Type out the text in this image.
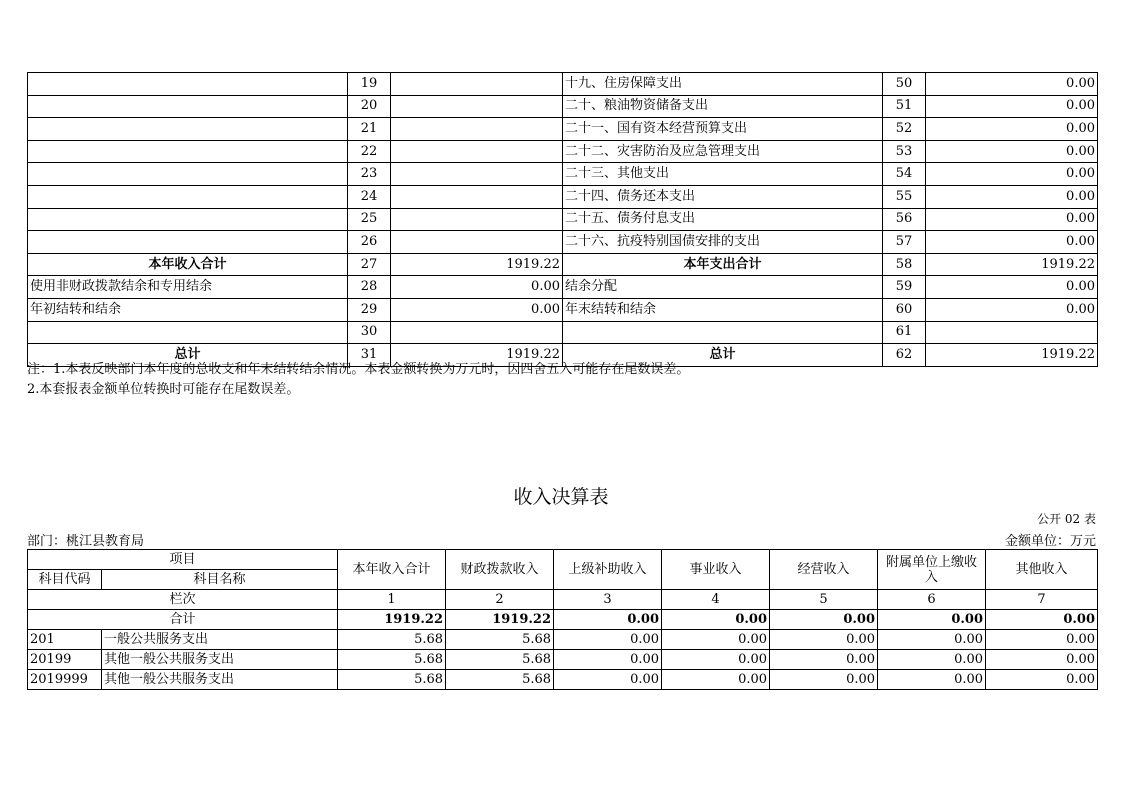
	19		十九、住房保障支出	50	0.00
	20		二十、粮油物资储备支出	51	0.00
	21		二十一、国有资本经营预算支出	52	0.00
	22		二十二、灾害防治及应急管理支出	53	0.00
	23		二十三、其他支出	54	0.00
	24		二十四、债务还本支出	55	0.00
	25		二十五、债务付息支出	56	0.00
	26		二十六、抗疫特别国债安排的支出	57	0.00
本年收入合计	27	1919.22	本年支出合计	58	1919.22
使用非财政拨款结余和专用结余	28	0.00	结余分配	59	0.00
年初结转和结余	29	0.00	年末结转和结余	60	0.00
	30			61	
总计	31	1919.22	总计	62	1919.22
注：1.本表反映部门本年度的总收支和年末结转结余情况。本表金额转换为万元时，因四舍五入可能存在尾数误差。
2.本套报表金额单位转换时可能存在尾数误差。
收入决算表
公开 02 表
部门：桃江县教育局	金额单位：万元
项目		本年收入合计	财政拨款收入	上级补助收入	事业收入	经营收入	附属单位上缴收入	其他收入
科目代码	科目名称							
栏次		1	2	3	4	5	6	7
合计		1919.22	1919.22	0.00	0.00	0.00	0.00	0.00
201	一般公共服务支出	5.68	5.68	0.00	0.00	0.00	0.00	0.00
20199	其他一般公共服务支出	5.68	5.68	0.00	0.00	0.00	0.00	0.00
2019999	其他一般公共服务支出	5.68	5.68	0.00	0.00	0.00	0.00	0.00
